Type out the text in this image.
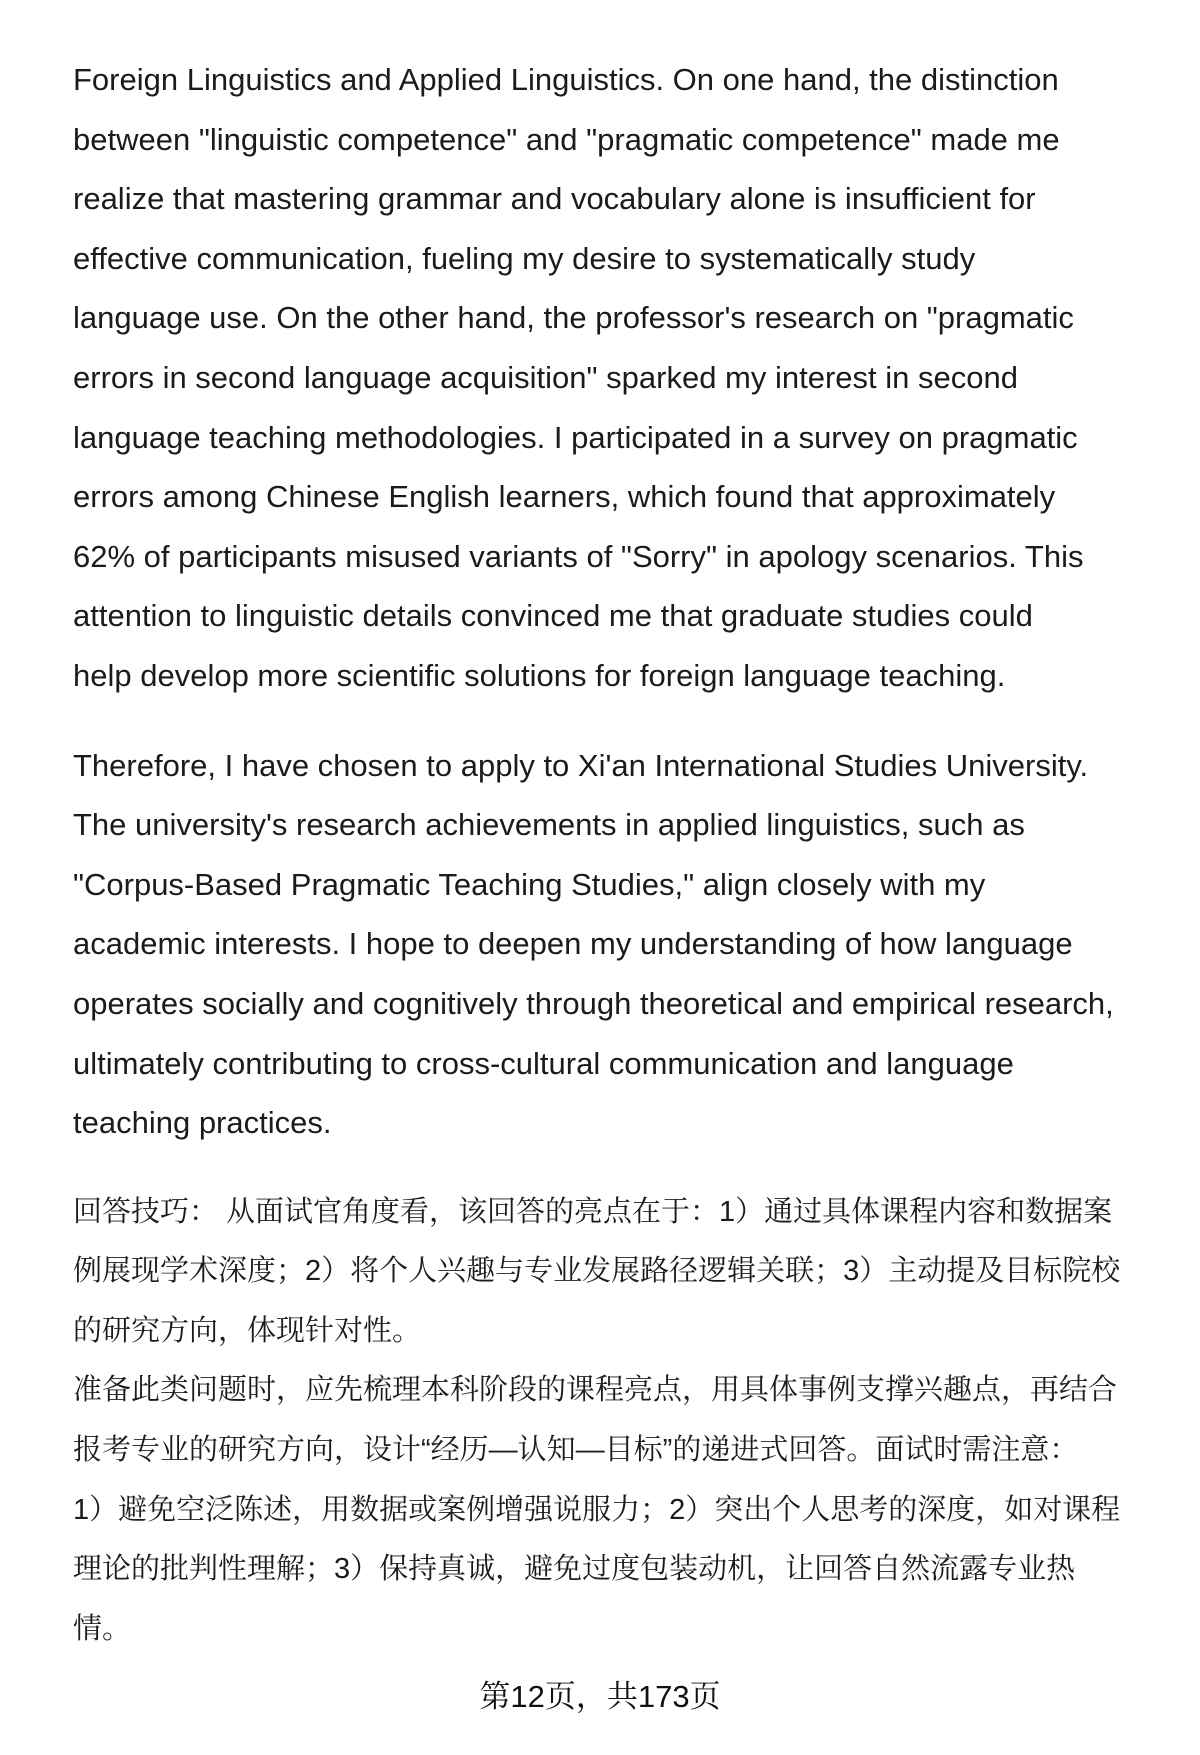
Foreign Linguistics and Applied Linguistics. On one hand, the distinction
between "linguistic competence" and "pragmatic competence" made me
realize that mastering grammar and vocabulary alone is insufficient for
effective communication, fueling my desire to systematically study
language use. On the other hand, the professor's research on "pragmatic
errors in second language acquisition" sparked my interest in second
language teaching methodologies. I participated in a survey on pragmatic
errors among Chinese English learners, which found that approximately
62% of participants misused variants of "Sorry" in apology scenarios. This
attention to linguistic details convinced me that graduate studies could
help develop more scientific solutions for foreign language teaching.
Therefore, I have chosen to apply to Xi'an International Studies University.
The university's research achievements in applied linguistics, such as
"Corpus-Based Pragmatic Teaching Studies," align closely with my
academic interests. I hope to deepen my understanding of how language
operates socially and cognitively through theoretical and empirical research,
ultimately contributing to cross-cultural communication and language
teaching practices.
回答技巧： 从面试官角度看，该回答的亮点在于：1）通过具体课程内容和数据案
例展现学术深度；2）将个人兴趣与专业发展路径逻辑关联；3）主动提及目标院校
的研究方向，体现针对性。
准备此类问题时，应先梳理本科阶段的课程亮点，用具体事例支撑兴趣点，再结合
报考专业的研究方向，设计“经历—认知—目标”的递进式回答。面试时需注意：
1）避免空泛陈述，用数据或案例增强说服力；2）突出个人思考的深度，如对课程
理论的批判性理解；3）保持真诚，避免过度包装动机，让回答自然流露专业热
情。
第12页，共173页
